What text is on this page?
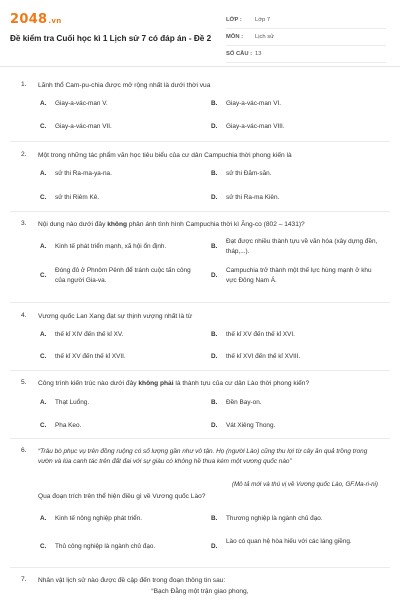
2048.vn
Đề kiểm tra Cuối học kì 1 Lịch sử 7 có đáp án - Đề 2
LỚP :	Lớp 7
MÔN :	Lịch sử
SỐ CÂU : 13
1. Lãnh thổ Cam-pu-chia được mở rộng nhất là dưới thời vua
A. Giay-a-vác-man V.	B. Giay-a-vác-man VI.
C. Giay-a-vác-man VII.	D. Giay-a-vác-man VIII.
2. Một trong những tác phẩm văn học tiêu biểu của cư dân Campuchia thời phong kiến là
A. sử thi Ra-ma-ya-na.	B. sử thi Đăm-săn.
C. sử thi Riêm Kê.	D. sử thi Ra-ma Kiên.
3. Nội dung nào dưới đây không phản ánh tình hình Campuchia thời kì Ăng-co (802 – 1431)?
A. Kinh tế phát triển mạnh, xã hội ổn định.	B.
Đạt được nhiều thành tựu về văn hóa (xây dựng đền, tháp,...).
C.
Đóng đô ở Phnôm Pênh để tránh cuộc tấn công của người Gia-va.
D.
Campuchia trở thành một thế lực hùng mạnh ở khu vực Đông Nam Á.
4. Vương quốc Lan Xang đạt sự thịnh vượng nhất là từ
A. thế kỉ XIV đến thế kỉ XV.	B. thế kỉ XV đến thế kỉ XVI.
C. thế kỉ XV đến thế kỉ XVII.	D. thế kỉ XVI đến thế kỉ XVIII.
5. Công trình kiến trúc nào dưới đây không phải là thành tựu của cư dân Lào thời phong kiến?
A. Thạt Luổng.	B. Đền Bay-on.
C. Pha Keo.	D. Vát Xiêng Thong.
6. “Trâu bò phục vụ trên đồng ruộng có số lượng gần như vô tận. Họ (người Lào) cũng thu lợi từ cây ăn quả trồng trong vườn và lúa canh tác trên đất đai với sự giàu có không hề thua kém một vương quốc nào”
(Mô tả mới và thú vị về Vương quốc Lào, GF.Ma-ri-ni)
Qua đoạn trích trên thể hiện điều gì về Vương quốc Lào?
A. Kinh tế nông nghiệp phát triển.	B. Thương nghiệp là ngành chủ đạo.
C. Thủ công nghiệp là ngành chủ đạo.	D.
Lào có quan hệ hòa hiếu với các láng giềng.
7. Nhân vật lịch sử nào được đề cập đến trong đoạn thông tin sau:
“Bạch Đằng một trận giao phong,
